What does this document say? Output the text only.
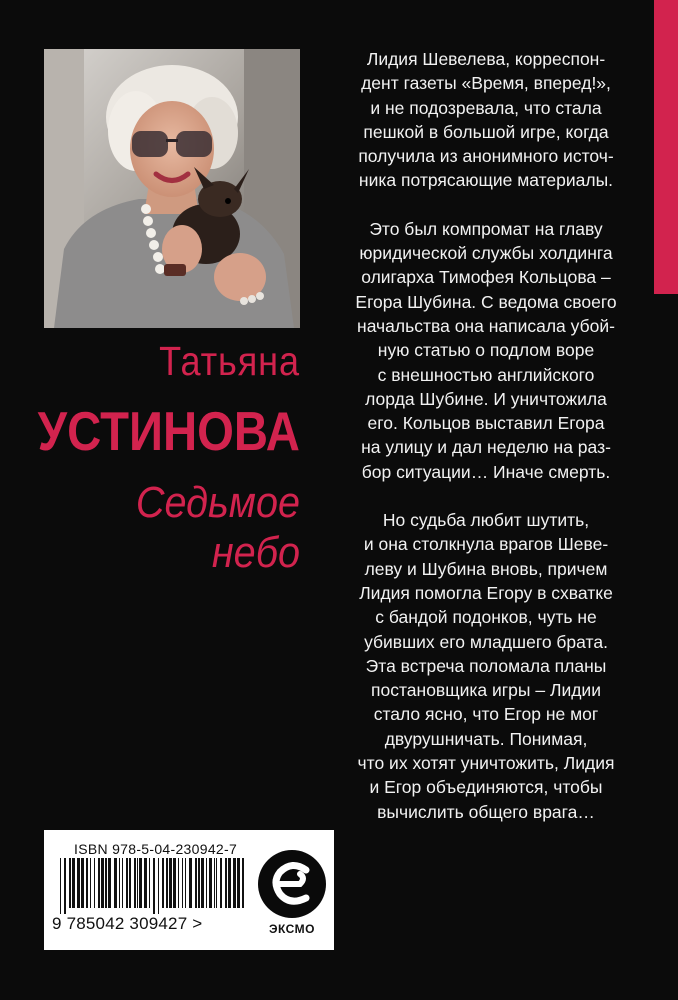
Татьяна
УСТИНОВА
Седьмое
небо

Лидия Шевелева, корреспон-
дент газеты «Время, вперед!»,
и не подозревала, что стала
пешкой в большой игре, когда
получила из анонимного источ-
ника потрясающие материалы.

Это был компромат на главу
юридической службы холдинга
олигарха Тимофея Кольцова –
Егора Шубина. С ведома своего
начальства она написала убой-
ную статью о подлом воре
с внешностью английского
лорда Шубине. И уничтожила
его. Кольцов выставил Егора
на улицу и дал неделю на раз-
бор ситуации… Иначе смерть.

Но судьба любит шутить,
и она столкнула врагов Шеве-
леву и Шубина вновь, причем
Лидия помогла Егору в схватке
с бандой подонков, чуть не
убивших его младшего брата.
Эта встреча поломала планы
постановщика игры – Лидии
стало ясно, что Егор не мог
двурушничать. Понимая,
что их хотят уничтожить, Лидия
и Егор объединяются, чтобы
вычислить общего врага…

ISBN 978-5-04-230942-7
9 785042 309427 >	ЭКСМО
